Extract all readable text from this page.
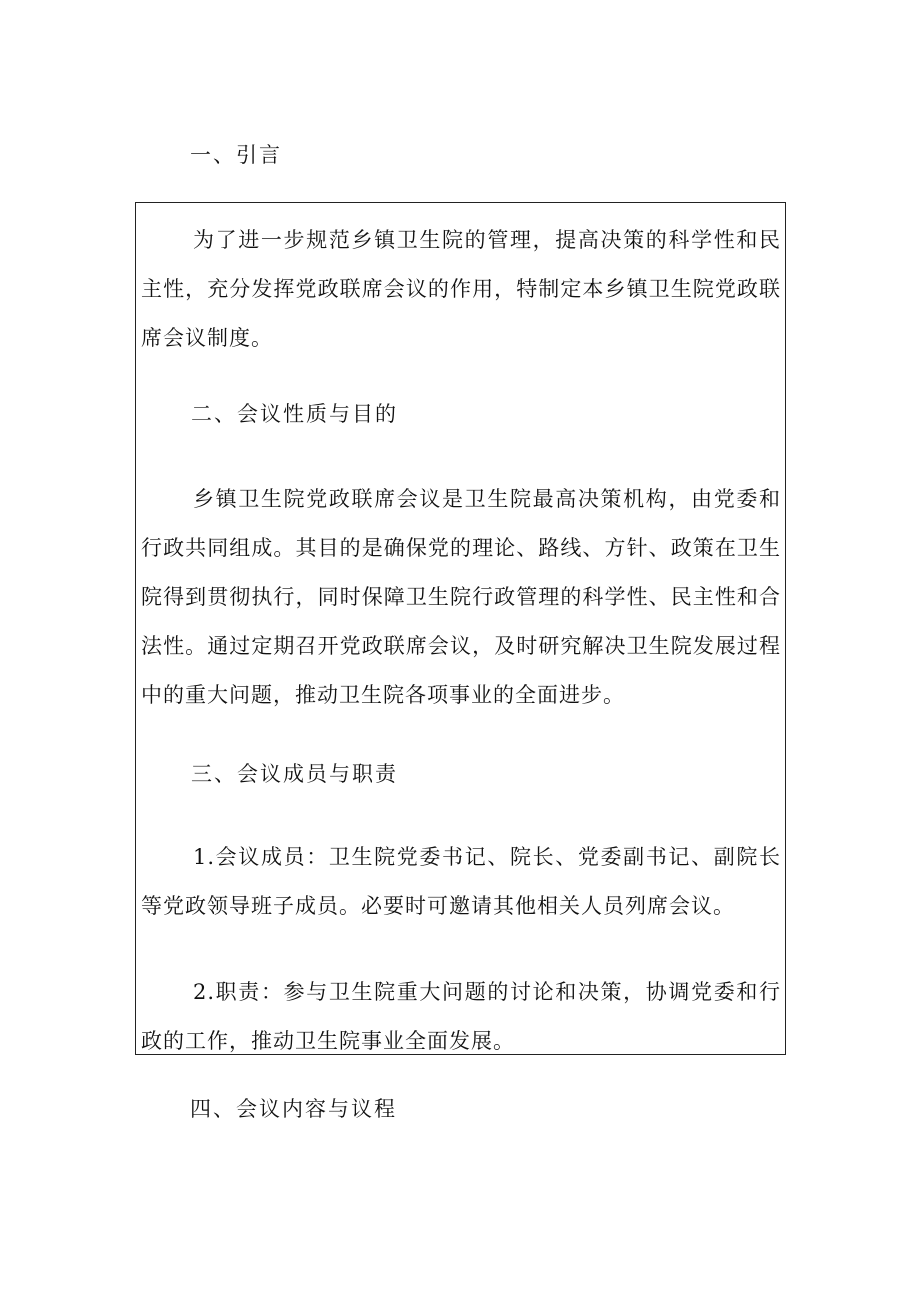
一、引言

为了进一步规范乡镇卫生院的管理，提高决策的科学性和民主性，充分发挥党政联席会议的作用，特制定本乡镇卫生院党政联席会议制度。

二、会议性质与目的

乡镇卫生院党政联席会议是卫生院最高决策机构，由党委和行政共同组成。其目的是确保党的理论、路线、方针、政策在卫生院得到贯彻执行，同时保障卫生院行政管理的科学性、民主性和合法性。通过定期召开党政联席会议，及时研究解决卫生院发展过程中的重大问题，推动卫生院各项事业的全面进步。

三、会议成员与职责

1.会议成员：卫生院党委书记、院长、党委副书记、副院长等党政领导班子成员。必要时可邀请其他相关人员列席会议。

2.职责：参与卫生院重大问题的讨论和决策，协调党委和行政的工作，推动卫生院事业全面发展。

四、会议内容与议程
